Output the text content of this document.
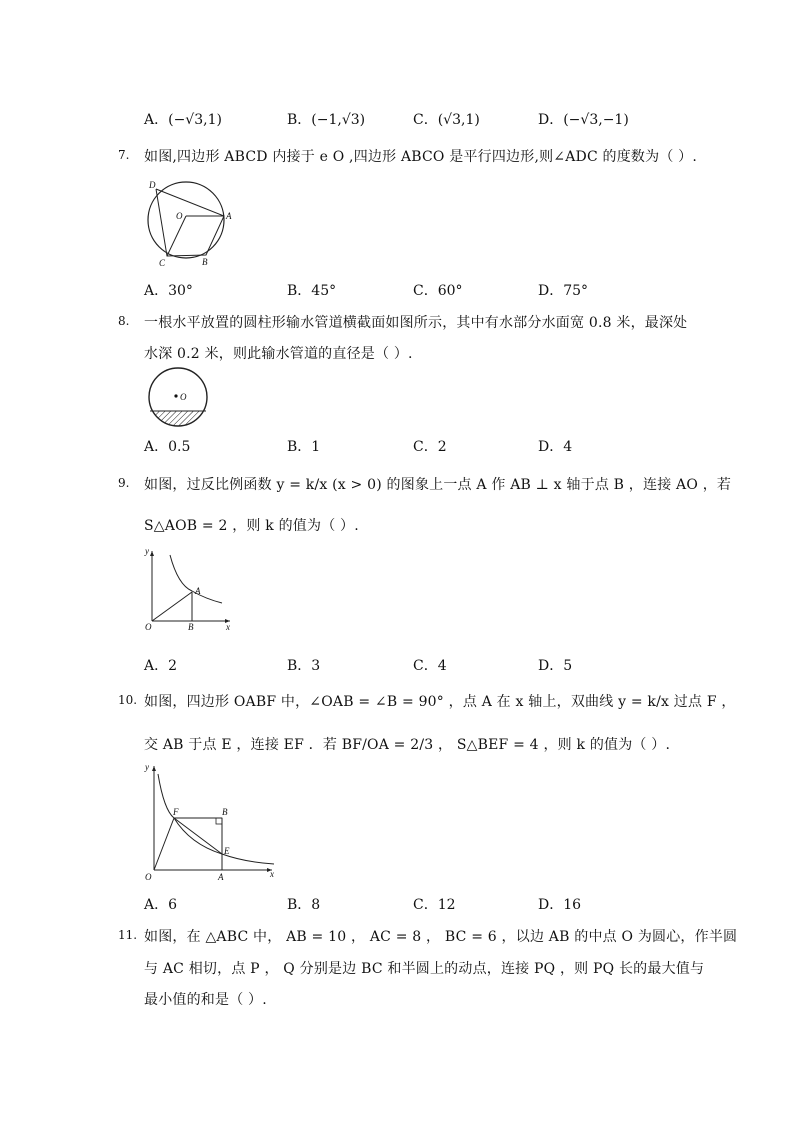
A．(−√3,1)	B．(−1,√3)	C．(√3,1)	D．(−√3,−1)
7. 如图,四边形 ABCD 内接于 e O ,四边形 ABCO 是平行四边形,则∠ADC 的度数为（ ）.
D
O	A
C	B
A．30°	B．45°	C．60°	D．75°
8. 一根水平放置的圆柱形输水管道横截面如图所示，其中有水部分水面宽 0.8 米，最深处
水深 0.2 米，则此输水管道的直径是（ ）.
O
A．0.5	B．1	C．2	D．4
9. 如图，过反比例函数 y = k/x (x > 0) 的图象上一点 A 作 AB ⊥ x 轴于点 B ，连接 AO ，若
S△AOB = 2 ，则 k 的值为（ ）.
y
A
O	B	x
A．2	B．3	C．4	D．5
10. 如图，四边形 OABF 中，∠OAB = ∠B = 90° ，点 A 在 x 轴上，双曲线 y = k/x 过点 F ，
交 AB 于点 E ，连接 EF ．若 BF/OA = 2/3 ， S△BEF = 4 ，则 k 的值为（ ）.
y
F	B
E
O	A	x
A．6	B．8	C．12	D．16
11. 如图，在 △ABC 中， AB = 10 ， AC = 8 ， BC = 6 ，以边 AB 的中点 O 为圆心，作半圆
与 AC 相切，点 P ， Q 分别是边 BC 和半圆上的动点，连接 PQ ，则 PQ 长的最大值与
最小值的和是（ ）.
